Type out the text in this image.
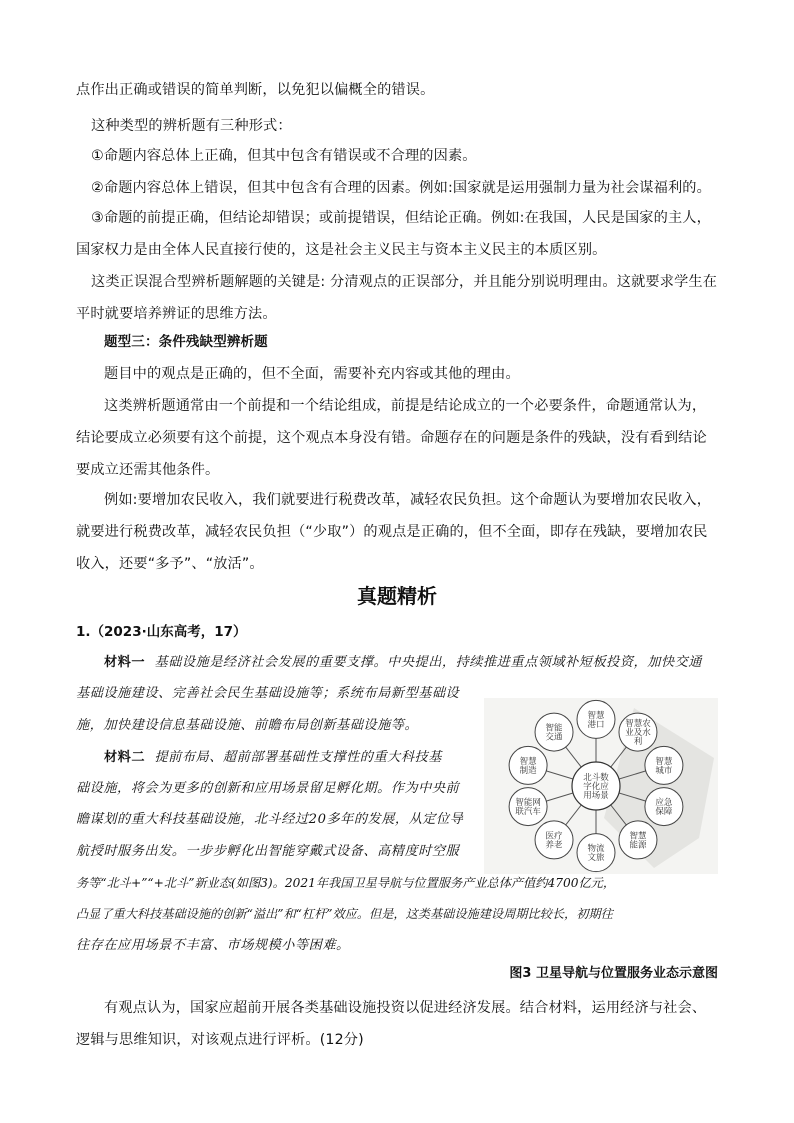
点作出正确或错误的简单判断，以免犯以偏概全的错误。

这种类型的辨析题有三种形式：

①命题内容总体上正确，但其中包含有错误或不合理的因素。

②命题内容总体上错误，但其中包含有合理的因素。例如:国家就是运用强制力量为社会谋福利的。

③命题的前提正确，但结论却错误；或前提错误，但结论正确。例如:在我国，人民是国家的主人，国家权力是由全体人民直接行使的，这是社会主义民主与资本主义民主的本质区别。

这类正误混合型辨析题解题的关键是: 分清观点的正误部分，并且能分别说明理由。这就要求学生在平时就要培养辨证的思维方法。

题型三：条件残缺型辨析题

题目中的观点是正确的，但不全面，需要补充内容或其他的理由。

这类辨析题通常由一个前提和一个结论组成，前提是结论成立的一个必要条件，命题通常认为，结论要成立必须要有这个前提，这个观点本身没有错。命题存在的问题是条件的残缺，没有看到结论要成立还需其他条件。

例如:要增加农民收入，我们就要进行税费改革，减轻农民负担。这个命题认为要增加农民收入，就要进行税费改革，减轻农民负担（“少取”）的观点是正确的，但不全面，即存在残缺，要增加农民收入，还要“多予”、“放活”。

真题精析
1.（2023·山东高考，17）

材料一 基础设施是经济社会发展的重要支撑。中央提出，持续推进重点领域补短板投资，加快交通

基础设施建设、完善社会民生基础设施等；系统布局新型基础设

施，加快建设信息基础设施、前瞻布局创新基础设施等。

材料二 提前布局、超前部署基础性支撑性的重大科技基

础设施，将会为更多的创新和应用场景留足孵化期。作为中央前

瞻谋划的重大科技基础设施，北斗经过20多年的发展，从定位导

航授时服务出发。一步步孵化出智能穿戴式设备、高精度时空服

务等“北斗+”“+北斗”新业态(如图3)。2021年我国卫星导航与位置服务产业总体产值约4700亿元，

凸显了重大科技基础设施的创新“溢出”和“杠杆”效应。但是，这类基础设施建设周期比较长，初期往

往存在应用场景不丰富、市场规模小等困难。

智慧
港口 智慧农
业及水
利
智慧
城市
应急
保障
智慧
能源
物流
文旅
医疗
养老
智能网
联汽车
智慧
制造
智能
交通
北斗数
字化应
用场景
图3 卫星导航与位置服务业态示意图

有观点认为，国家应超前开展各类基础设施投资以促进经济发展。结合材料，运用经济与社会、逻辑与思维知识，对该观点进行评析。(12分)
